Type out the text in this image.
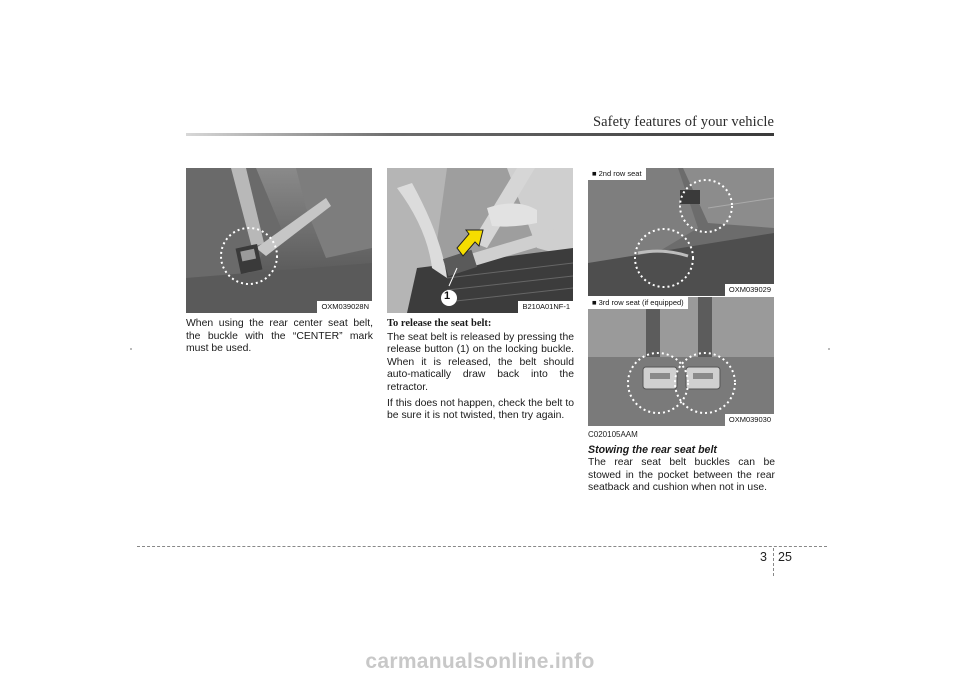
Safety features of your vehicle
OXM039028N

When using the rear center seat belt, the buckle with the “CENTER” mark must be used.

1
B210A01NF-1

To release the seat belt:

The seat belt is released by pressing the release button (1) on the locking buckle. When it is released, the belt should auto-matically draw back into the retractor.

If this does not happen, check the belt to be sure it is not twisted, then try again.

■ 2nd row seat
OXM039029
■ 3rd row seat (if equipped)
OXM039030
C020105AAM

Stowing the rear seat belt

The rear seat belt buckles can be stowed in the pocket between the rear seatback and cushion when not in use.

3 25
carmanualsonline.info
